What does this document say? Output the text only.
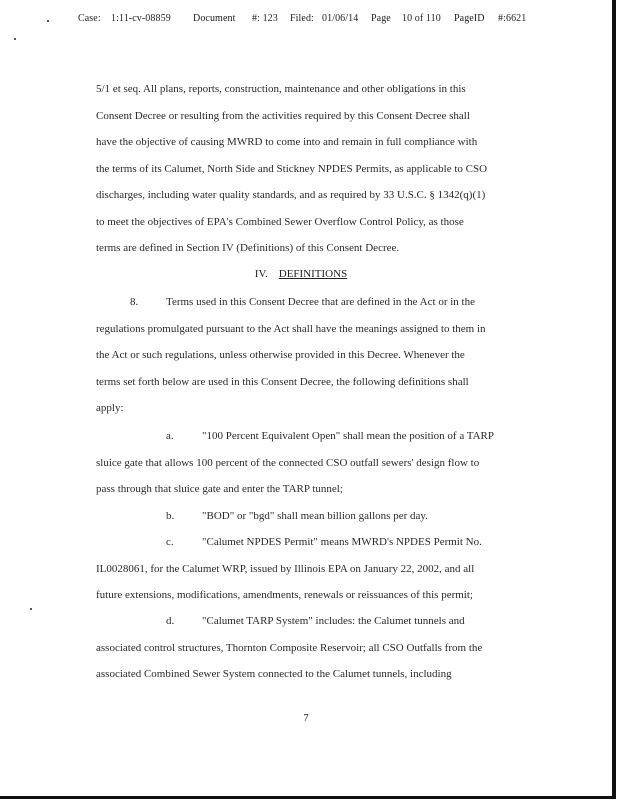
Case: 1:11-cv-08859 Document #: 123 Filed: 01/06/14 Page 10 of 110 PageID #:6621
5/1 et seq. All plans, reports, construction, maintenance and other obligations in this
Consent Decree or resulting from the activities required by this Consent Decree shall
have the objective of causing MWRD to come into and remain in full compliance with
the terms of its Calumet, North Side and Stickney NPDES Permits, as applicable to CSO
discharges, including water quality standards, and as required by 33 U.S.C. § 1342(q)(1)
to meet the objectives of EPA's Combined Sewer Overflow Control Policy, as those
terms are defined in Section IV (Definitions) of this Consent Decree.
IV. DEFINITIONS
8.	Terms used in this Consent Decree that are defined in the Act or in the
regulations promulgated pursuant to the Act shall have the meanings assigned to them in
the Act or such regulations, unless otherwise provided in this Decree. Whenever the
terms set forth below are used in this Consent Decree, the following definitions shall
apply:
a.	"100 Percent Equivalent Open" shall mean the position of a TARP
sluice gate that allows 100 percent of the connected CSO outfall sewers' design flow to
pass through that sluice gate and enter the TARP tunnel;
b.	"BOD" or "bgd" shall mean billion gallons per day.
c.	"Calumet NPDES Permit" means MWRD's NPDES Permit No.
IL0028061, for the Calumet WRP, issued by Illinois EPA on January 22, 2002, and all
future extensions, modifications, amendments, renewals or reissuances of this permit;
d.	"Calumet TARP System" includes: the Calumet tunnels and
associated control structures, Thornton Composite Reservoir; all CSO Outfalls from the
associated Combined Sewer System connected to the Calumet tunnels, including
7
